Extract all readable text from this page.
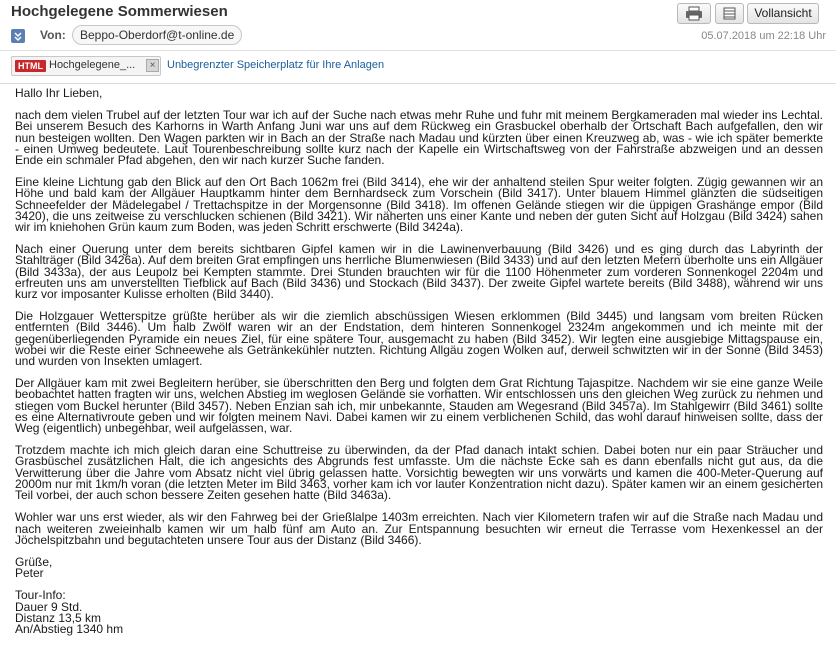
Hochgelegene Sommerwiesen	Vollansicht
Von:	Beppo-Oberdorf@t-online.de	05.07.2018 um 22:18 Uhr
HTML Hochgelegene_...	×	Unbegrenzter Speicherplatz für Ihre Anlagen
Hallo Ihr Lieben,
nach dem vielen Trubel auf der letzten Tour war ich auf der Suche nach etwas mehr Ruhe und fuhr mit meinem Bergkameraden mal wieder ins Lechtal. Bei unserem Besuch des Karhorns in Warth Anfang Juni war uns auf dem Rückweg ein Grasbuckel oberhalb der Ortschaft Bach aufgefallen, den wir nun besteigen wollten. Den Wagen parkten wir in Bach an der Straße nach Madau und kürzten über einen Kreuzweg ab, was - wie ich später bemerkte - einen Umweg bedeutete. Laut Tourenbeschreibung sollte kurz nach der Kapelle ein Wirtschaftsweg von der Fahrstraße abzweigen und an dessen Ende ein schmaler Pfad abgehen, den wir nach kurzer Suche fanden.
Eine kleine Lichtung gab den Blick auf den Ort Bach 1062m frei (Bild 3414), ehe wir der anhaltend steilen Spur weiter folgten. Zügig gewannen wir an Höhe und bald kam der Allgäuer Hauptkamm hinter dem Bernhardseck zum Vorschein (Bild 3417). Unter blauem Himmel glänzten die südseitigen Schneefelder der Mädelegabel / Trettachspitze in der Morgensonne (Bild 3418). Im offenen Gelände stiegen wir die üppigen Grashänge empor (Bild 3420), die uns zeitweise zu verschlucken schienen (Bild 3421). Wir näherten uns einer Kante und neben der guten Sicht auf Holzgau (Bild 3424) sahen wir im kniehohen Grün kaum zum Boden, was jeden Schritt erschwerte (Bild 3424a).
Nach einer Querung unter dem bereits sichtbaren Gipfel kamen wir in die Lawinenverbauung (Bild 3426) und es ging durch das Labyrinth der Stahlträger (Bild 3426a). Auf dem breiten Grat empfingen uns herrliche Blumenwiesen (Bild 3433) und auf den letzten Metern überholte uns ein Allgäuer (Bild 3433a), der aus Leupolz bei Kempten stammte. Drei Stunden brauchten wir für die 1100 Höhenmeter zum vorderen Sonnenkogel 2204m und erfreuten uns am unverstellten Tiefblick auf Bach (Bild 3436) und Stockach (Bild 3437). Der zweite Gipfel wartete bereits (Bild 3488), während wir uns kurz vor imposanter Kulisse erholten (Bild 3440).
Die Holzgauer Wetterspitze grüßte herüber als wir die ziemlich abschüssigen Wiesen erklommen (Bild 3445) und langsam vom breiten Rücken entfernten (Bild 3446). Um halb Zwölf waren wir an der Endstation, dem hinteren Sonnenkogel 2324m angekommen und ich meinte mit der gegenüberliegenden Pyramide ein neues Ziel, für eine spätere Tour, ausgemacht zu haben (Bild 3452). Wir legten eine ausgiebige Mittagspause ein, wobei wir die Reste einer Schneewehe als Getränkekühler nutzten. Richtung Allgäu zogen Wolken auf, derweil schwitzten wir in der Sonne (Bild 3453) und wurden von Insekten umlagert.
Der Allgäuer kam mit zwei Begleitern herüber, sie überschritten den Berg und folgten dem Grat Richtung Tajaspitze. Nachdem wir sie eine ganze Weile beobachtet hatten fragten wir uns, welchen Abstieg im weglosen Gelände sie vorhatten. Wir entschlossen uns den gleichen Weg zurück zu nehmen und stiegen vom Buckel herunter (Bild 3457). Neben Enzian sah ich, mir unbekannte, Stauden am Wegesrand (Bild 3457a). Im Stahlgewirr (Bild 3461) sollte es eine Alternativroute geben und wir folgten meinem Navi. Dabei kamen wir zu einem verblichenen Schild, das wohl darauf hinweisen sollte, dass der Weg (eigentlich) unbegehbar, weil aufgelassen, war.
Trotzdem machte ich mich gleich daran eine Schuttreise zu überwinden, da der Pfad danach intakt schien. Dabei boten nur ein paar Sträucher und Grasbüschel zusätzlichen Halt, die ich angesichts des Abgrunds fest umfasste. Um die nächste Ecke sah es dann ebenfalls nicht gut aus, da die Verwitterung über die Jahre vom Absatz nicht viel übrig gelassen hatte. Vorsichtig bewegten wir uns vorwärts und kamen die 400-Meter-Querung auf 2000m nur mit 1km/h voran (die letzten Meter im Bild 3463, vorher kam ich vor lauter Konzentration nicht dazu). Später kamen wir an einem gesicherten Teil vorbei, der auch schon bessere Zeiten gesehen hatte (Bild 3463a).
Wohler war uns erst wieder, als wir den Fahrweg bei der Grießlalpe 1403m erreichten. Nach vier Kilometern trafen wir auf die Straße nach Madau und nach weiteren zweieinhalb kamen wir um halb fünf am Auto an. Zur Entspannung besuchten wir erneut die Terrasse vom Hexenkessel an der Jöchelspitzbahn und begutachteten unsere Tour aus der Distanz (Bild 3466).
Grüße,
Peter
Tour-Info:
Dauer 9 Std.
Distanz 13,5 km
An/Abstieg 1340 hm
